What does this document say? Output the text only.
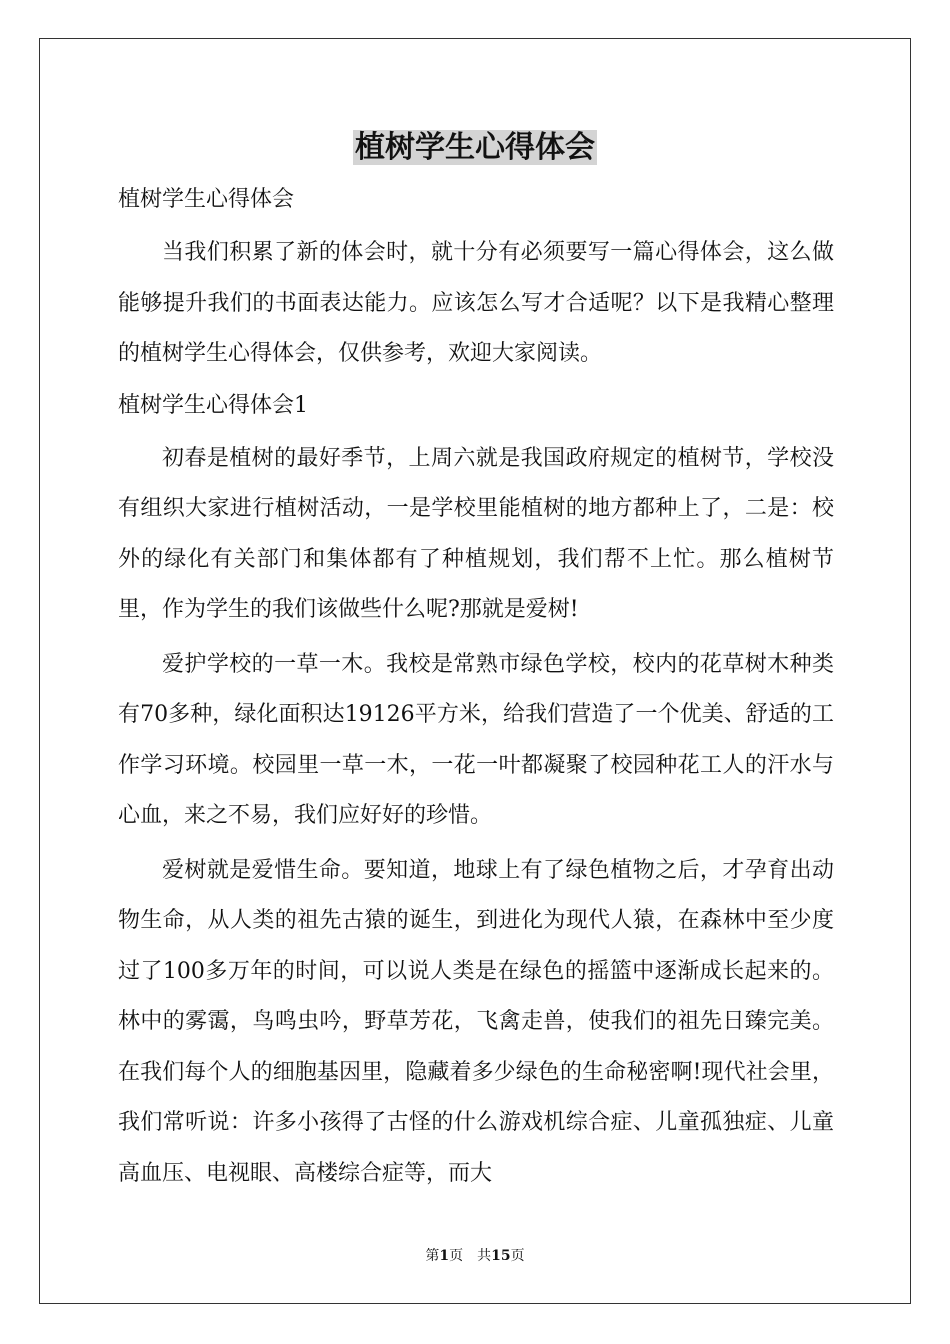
植树学生心得体会

植树学生心得体会

当我们积累了新的体会时，就十分有必须要写一篇心得体会，这么做能够提升我们的书面表达能力。应该怎么写才合适呢？以下是我精心整理的植树学生心得体会，仅供参考，欢迎大家阅读。

植树学生心得体会1

初春是植树的最好季节，上周六就是我国政府规定的植树节，学校没有组织大家进行植树活动，一是学校里能植树的地方都种上了，二是：校外的绿化有关部门和集体都有了种植规划，我们帮不上忙。那么植树节里，作为学生的我们该做些什么呢?那就是爱树!

爱护学校的一草一木。我校是常熟市绿色学校，校内的花草树木种类有70多种，绿化面积达19126平方米，给我们营造了一个优美、舒适的工作学习环境。校园里一草一木，一花一叶都凝聚了校园种花工人的汗水与心血，来之不易，我们应好好的珍惜。

爱树就是爱惜生命。要知道，地球上有了绿色植物之后，才孕育出动物生命，从人类的祖先古猿的诞生，到进化为现代人猿，在森林中至少度过了100多万年的时间，可以说人类是在绿色的摇篮中逐渐成长起来的。林中的雾霭，鸟鸣虫吟，野草芳花，飞禽走兽，使我们的祖先日臻完美。在我们每个人的细胞基因里，隐藏着多少绿色的生命秘密啊!现代社会里，我们常听说：许多小孩得了古怪的什么游戏机综合症、儿童孤独症、儿童高血压、电视眼、高楼综合症等，而大

第1页 共15页
